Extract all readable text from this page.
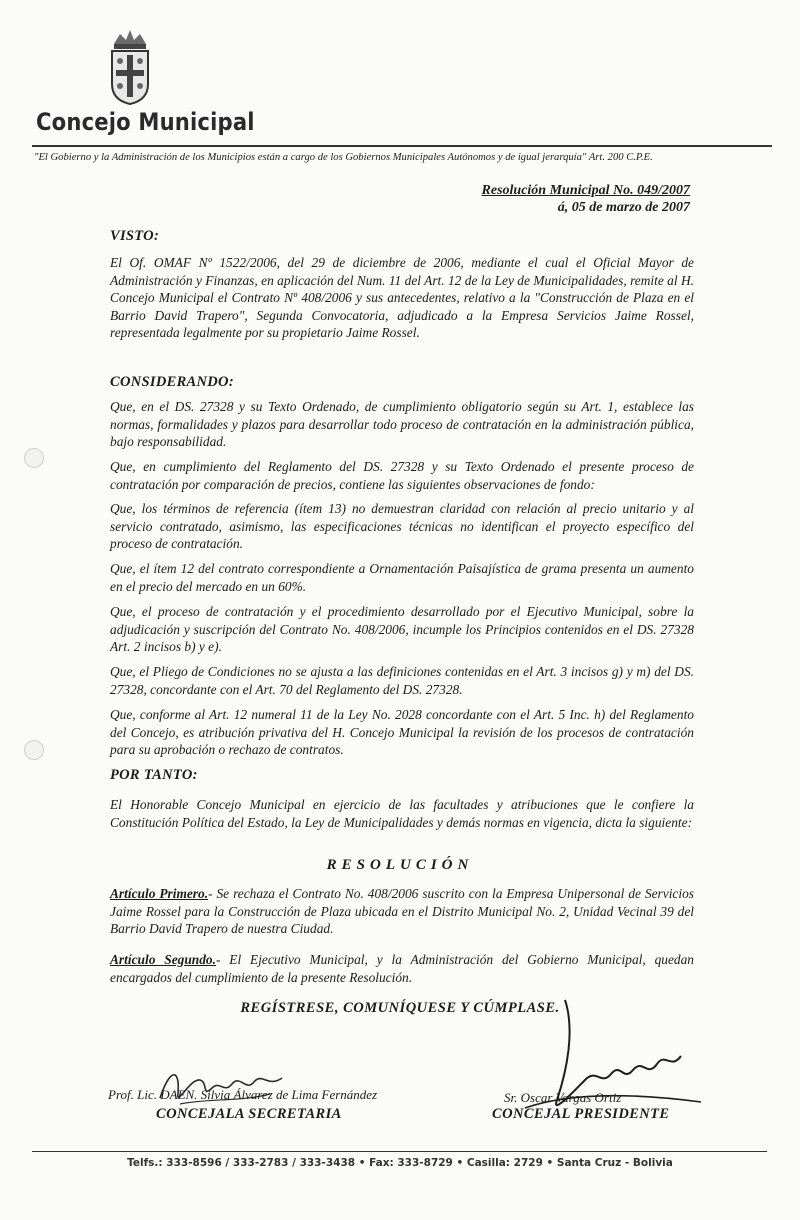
Concejo Municipal

"El Gobierno y la Administración de los Municipios están a cargo de los Gobiernos Municipales Autónomos y de igual jerarquía" Art. 200 C.P.E.

Resolución Municipal No. 049/2007

á, 05 de marzo de 2007

VISTO:

El Of. OMAF Nº 1522/2006, del 29 de diciembre de 2006, mediante el cual el Oficial Mayor de Administración y Finanzas, en aplicación del Num. 11 del Art. 12 de la Ley de Municipalidades, remite al H. Concejo Municipal el Contrato Nº 408/2006 y sus antecedentes, relativo a la "Construcción de Plaza en el Barrio David Trapero", Segunda Convocatoria, adjudicado a la Empresa Servicios Jaime Rossel, representada legalmente por su propietario Jaime Rossel.

CONSIDERANDO:

Que, en el DS. 27328 y su Texto Ordenado, de cumplimiento obligatorio según su Art. 1, establece las normas, formalidades y plazos para desarrollar todo proceso de contratación en la administración pública, bajo responsabilidad.

Que, en cumplimiento del Reglamento del DS. 27328 y su Texto Ordenado el presente proceso de contratación por comparación de precios, contiene las siguientes observaciones de fondo:

Que, los términos de referencia (ítem 13) no demuestran claridad con relación al precio unitario y al servicio contratado, asimismo, las especificaciones técnicas no identifican el proyecto específico del proceso de contratación.

Que, el ítem 12 del contrato correspondiente a Ornamentación Paisajística de grama presenta un aumento en el precio del mercado en un 60%.

Que, el proceso de contratación y el procedimiento desarrollado por el Ejecutivo Municipal, sobre la adjudicación y suscripción del Contrato No. 408/2006, incumple los Principios contenidos en el DS. 27328 Art. 2 incisos b) y e).

Que, el Pliego de Condiciones no se ajusta a las definiciones contenidas en el Art. 3 incisos g) y m) del DS. 27328, concordante con el Art. 70 del Reglamento del DS. 27328.

Que, conforme al Art. 12 numeral 11 de la Ley No. 2028 concordante con el Art. 5 Inc. h) del Reglamento del Concejo, es atribución privativa del H. Concejo Municipal la revisión de los procesos de contratación para su aprobación o rechazo de contratos.

POR TANTO:

El Honorable Concejo Municipal en ejercicio de las facultades y atribuciones que le confiere la Constitución Política del Estado, la Ley de Municipalidades y demás normas en vigencia, dicta la siguiente:

RESOLUCIÓN

Artículo Primero.- Se rechaza el Contrato No. 408/2006 suscrito con la Empresa Unipersonal de Servicios Jaime Rossel para la Construcción de Plaza ubicada en el Distrito Municipal No. 2, Unidad Vecinal 39 del Barrio David Trapero de nuestra Ciudad.

Artículo Segundo.- El Ejecutivo Municipal, y la Administración del Gobierno Municipal, quedan encargados del cumplimiento de la presente Resolución.

REGÍSTRESE, COMUNÍQUESE Y CÚMPLASE.

Prof. Lic. DAEN. Silvia Álvarez de Lima Fernández

CONCEJALA SECRETARIA

Sr. Oscar Vargas Ortiz

CONCEJAL PRESIDENTE

Telfs.: 333-8596 / 333-2783 / 333-3438 • Fax: 333-8729 • Casilla: 2729 • Santa Cruz - Bolivia
